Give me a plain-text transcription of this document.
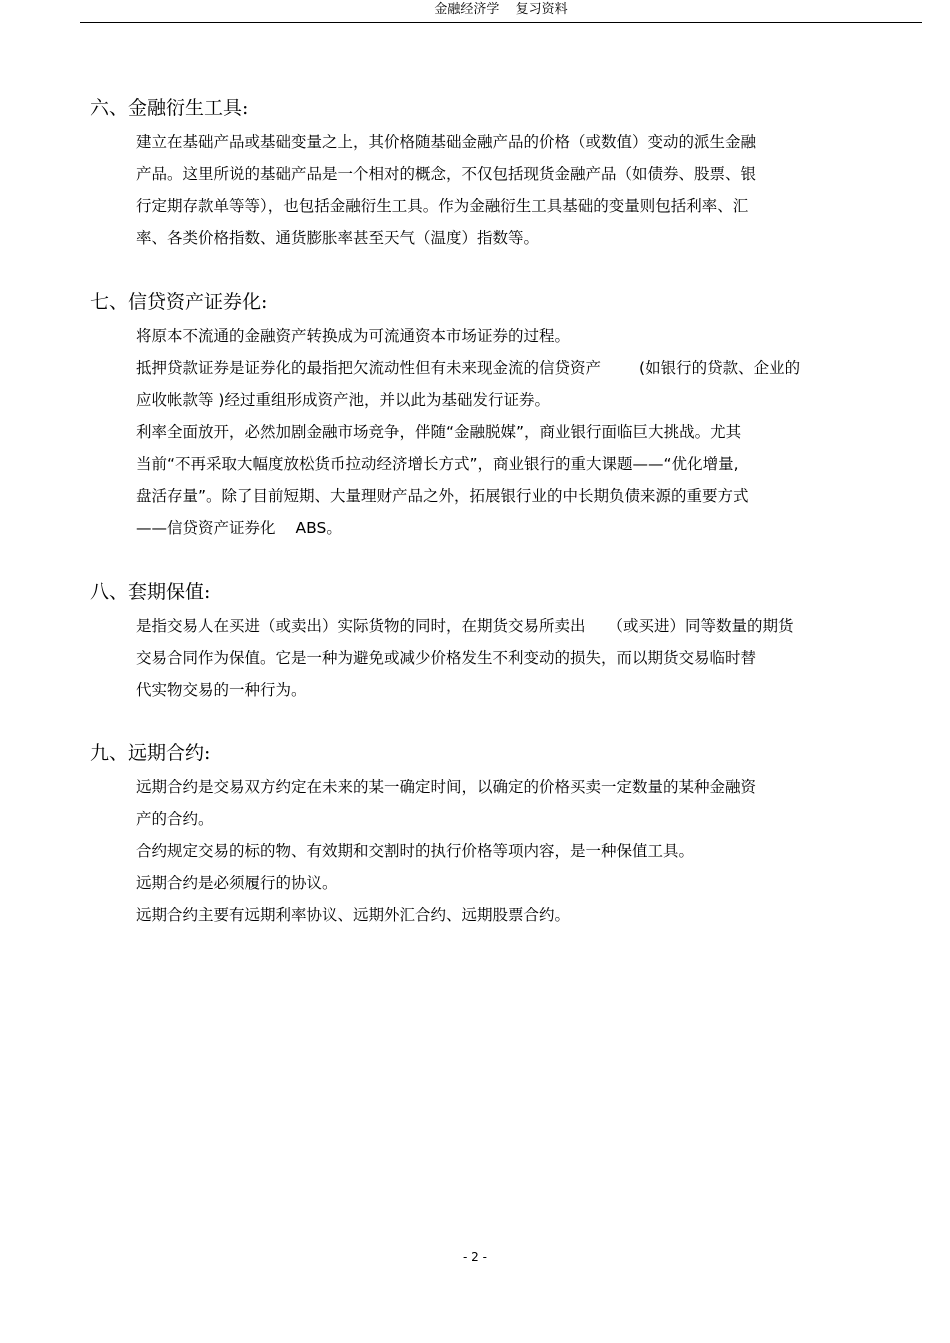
金融经济学 复习资料
六、金融衍生工具:
建立在基础产品或基础变量之上，其价格随基础金融产品的价格（或数值）变动的派生金融
产品。这里所说的基础产品是一个相对的概念，不仅包括现货金融产品（如债券、股票、银
行定期存款单等等），也包括金融衍生工具。作为金融衍生工具基础的变量则包括利率、汇
率、各类价格指数、通货膨胀率甚至天气（温度）指数等。
七、信贷资产证券化:
将原本不流通的金融资产转换成为可流通资本市场证券的过程。
抵押贷款证券是证券化的最指把欠流动性但有未来现金流的信贷资产 (如银行的贷款、企业的
应收帐款等 )经过重组形成资产池，并以此为基础发行证券。
利率全面放开，必然加剧金融市场竞争，伴随“金融脱媒”，商业银行面临巨大挑战。尤其
当前“不再采取大幅度放松货币拉动经济增长方式”，商业银行的重大课题——“优化增量,
盘活存量”。除了目前短期、大量理财产品之外，拓展银行业的中长期负债来源的重要方式
——信贷资产证券化 ABS。
八、套期保值:
是指交易人在买进（或卖出）实际货物的同时，在期货交易所卖出 （或买进）同等数量的期货
交易合同作为保值。它是一种为避免或减少价格发生不利变动的损失，而以期货交易临时替
代实物交易的一种行为。
九、远期合约:
远期合约是交易双方约定在未来的某一确定时间，以确定的价格买卖一定数量的某种金融资
产的合约。
合约规定交易的标的物、有效期和交割时的执行价格等项内容，是一种保值工具。
远期合约是必须履行的协议。
远期合约主要有远期利率协议、远期外汇合约、远期股票合约。
- 2 -
